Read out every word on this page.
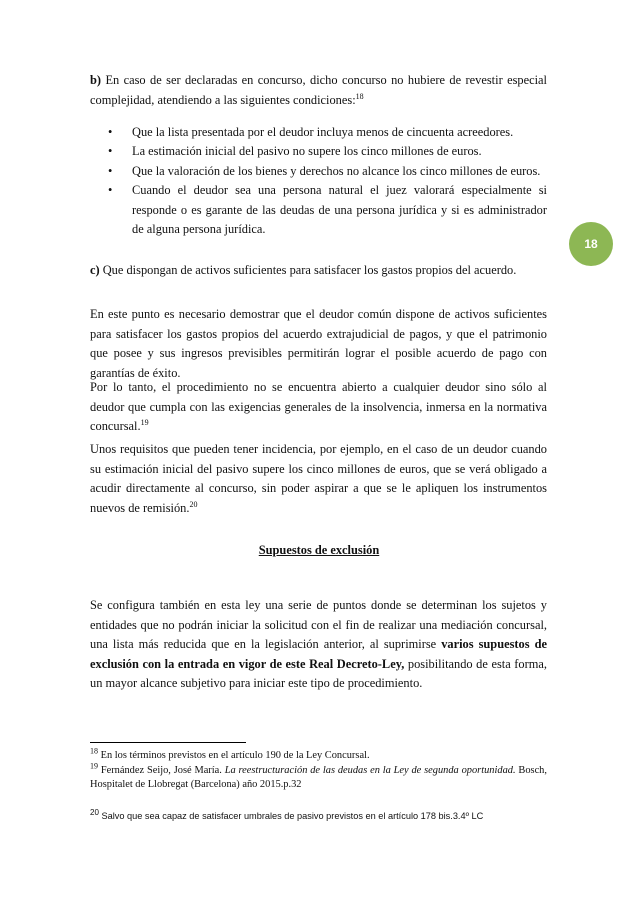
18

b) En caso de ser declaradas en concurso, dicho concurso no hubiere de revestir especial complejidad, atendiendo a las siguientes condiciones:$^{18}$

• Que la lista presentada por el deudor incluya menos de cincuenta acreedores.
• La estimación inicial del pasivo no supere los cinco millones de euros.
• Que la valoración de los bienes y derechos no alcance los cinco millones de euros.
• Cuando el deudor sea una persona natural el juez valorará especialmente si responde o es garante de las deudas de una persona jurídica y si es administrador de alguna persona jurídica.

c) Que dispongan de activos suficientes para satisfacer los gastos propios del acuerdo.

En este punto es necesario demostrar que el deudor común dispone de activos suficientes para satisfacer los gastos propios del acuerdo extrajudicial de pagos, y que el patrimonio que posee y sus ingresos previsibles permitirán lograr el posible acuerdo de pago con garantías de éxito.

Por lo tanto, el procedimiento no se encuentra abierto a cualquier deudor sino sólo al deudor que cumpla con las exigencias generales de la insolvencia, inmersa en la normativa concursal.$^{19}$

Unos requisitos que pueden tener incidencia, por ejemplo, en el caso de un deudor cuando su estimación inicial del pasivo supere los cinco millones de euros, que se verá obligado a acudir directamente al concurso, sin poder aspirar a que se le apliquen los instrumentos nuevos de remisión.$^{20}$

Supuestos de exclusión

Se configura también en esta ley una serie de puntos donde se determinan los sujetos y entidades que no podrán iniciar la solicitud con el fin de realizar una mediación concursal, una lista más reducida que en la legislación anterior, al suprimirse varios supuestos de exclusión con la entrada en vigor de este Real Decreto-Ley, posibilitando de esta forma, un mayor alcance subjetivo para iniciar este tipo de procedimiento.

$^{18}$ En los términos previstos en el artículo 190 de la Ley Concursal.

$^{19}$ Fernández Seijo, José María. La reestructuración de las deudas en la Ley de segunda oportunidad. Bosch, Hospitalet de Llobregat (Barcelona) año 2015.p.32

$^{20}$ Salvo que sea capaz de satisfacer umbrales de pasivo previstos en el artículo 178 bis.3.4º LC
